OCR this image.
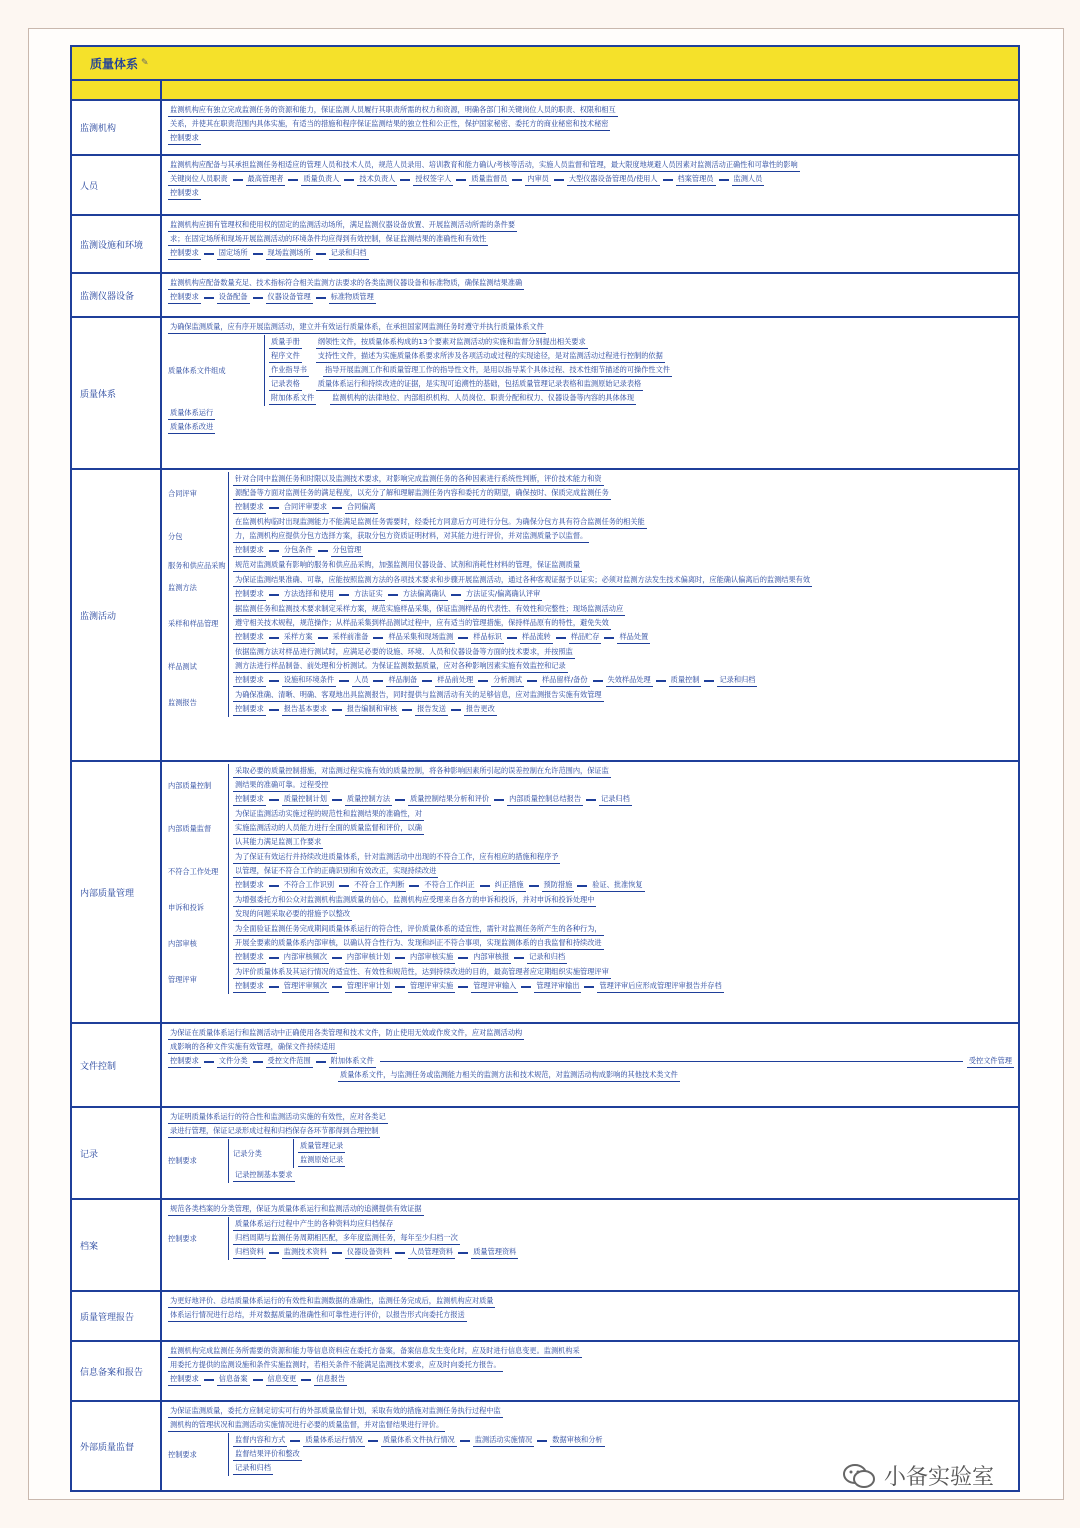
质量体系 ✎
监测机构
监测机构应有独立完成监测任务的资源和能力，保证监测人员履行其职责所需的权力和资源，明确各部门和关键岗位人员的职责、权限和相互
关系，并使其在职责范围内具体实施，有适当的措施和程序保证监测结果的独立性和公正性，保护国家秘密、委托方的商业秘密和技术秘密
控制要求
人员
监测机构应配备与其承担监测任务相适应的管理人员和技术人员，规范人员录用、培训教育和能力确认/考核等活动，实施人员监督和管理，最大限度地规避人员因素对监测活动正确性和可靠性的影响
关键岗位人员职责	最高管理者	质量负责人	技术负责人	授权签字人	质量监督员	内审员	大型仪器设备管理员/使用人	档案管理员	监测人员
控制要求
监测设施和环境
监测机构应拥有管理权和使用权的固定的监测活动场所，满足监测仪器设备放置、开展监测活动所需的条件要
求；在固定场所和现场开展监测活动的环境条件均应得到有效控制，保证监测结果的准确性和有效性
控制要求	固定场所	现场监测场所	记录和归档
监测仪器设备
监测机构应配备数量充足、技术指标符合相关监测方法要求的各类监测仪器设备和标准物质，确保监测结果准确
控制要求	设备配备	仪器设备管理	标准物质管理
质量体系
为确保监测质量，应有序开展监测活动，建立并有效运行质量体系，在承担国家网监测任务时遵守并执行质量体系文件
质量体系文件组成
质量手册	纲领性文件，按质量体系构成的13个要素对监测活动的实施和监督分别提出相关要求
程序文件	支持性文件，描述为实施质量体系要求所涉及各项活动或过程的实现途径，是对监测活动过程进行控制的依据
作业指导书	指导开展监测工作和质量管理工作的指导性文件，是用以指导某个具体过程、技术性细节描述的可操作性文件
记录表格	质量体系运行和持续改进的证据，是实现可追溯性的基础，包括质量管理记录表格和监测原始记录表格
附加体系文件	监测机构的法律地位、内部组织机构、人员岗位、职责分配和权力、仪器设备等内容的具体体现
质量体系运行
质量体系改进
监测活动
合同评审
针对合同中监测任务和时限以及监测技术要求，对影响完成监测任务的各种因素进行系统性判断，评价技术能力和资
源配备等方面对监测任务的满足程度，以充分了解和理解监测任务内容和委托方的期望，确保按时、保质完成监测任务
控制要求	合同评审要求	合同偏离
分包
在监测机构临时出现监测能力不能满足监测任务需要时，经委托方同意后方可进行分包。为确保分包方具有符合监测任务的相关能
力，监测机构应提供分包方选择方案，获取分包方资质证明材料，对其能力进行评价，并对监测质量予以监督。
控制要求	分包条件	分包管理
服务和供应品采购	规范对监测质量有影响的服务和供应品采购，加强监测用仪器设备、试剂和消耗性材料的管理，保证监测质量
监测方法
为保证监测结果准确、可靠，应能按照监测方法的各项技术要求和步骤开展监测活动，通过各种客观证据予以证实；必须对监测方法发生技术偏离时，应能确认偏离后的监测结果有效
控制要求	方法选择和使用	方法证实	方法偏离确认	方法证实/偏离确认评审
采样和样品管理
据监测任务和监测技术要求制定采样方案，规范实施样品采集，保证监测样品的代表性、有效性和完整性；现场监测活动应
遵守相关技术规程，规范操作；从样品采集到样品测试过程中，应有适当的管理措施，保持样品原有的特性，避免失效
控制要求	采样方案	采样前准备	样品采集和现场监测	样品标识	样品流转	样品贮存	样品处置
样品测试
依据监测方法对样品进行测试时，应满足必要的设施、环境、人员和仪器设备等方面的技术要求，并按照监
测方法进行样品制备、前处理和分析测试。为保证监测数据质量，应对各种影响因素实施有效监控和记录
控制要求	设施和环境条件	人员	样品制备	样品前处理	分析测试	样品留样/备份	失效样品处理	质量控制	记录和归档
监测报告
为确保准确、清晰、明确、客观地出具监测报告，同时提供与监测活动有关的足够信息，应对监测报告实施有效管理
控制要求	报告基本要求	报告编制和审核	报告发送	报告更改
内部质量管理
内部质量控制
采取必要的质量控制措施，对监测过程实施有效的质量控制，将各种影响因素所引起的误差控制在允许范围内，保证监
测结果的准确可靠。过程受控
控制要求	质量控制计划	质量控制方法	质量控制结果分析和评价	内部质量控制总结报告	记录归档
内部质量监督
为保证监测活动实施过程的规范性和监测结果的准确性，对
实施监测活动的人员能力进行全面的质量监督和评价，以确
认其能力满足监测工作要求
不符合工作处理
为了保证有效运行并持续改进质量体系，针对监测活动中出现的不符合工作，应有相应的措施和程序予
以管理，保证不符合工作的正确识别和有效改正，实现持续改进
控制要求	不符合工作识别	不符合工作判断	不符合工作纠正	纠正措施	预防措施	验证、批准恢复
申诉和投诉
为增强委托方和公众对监测机构监测质量的信心，监测机构应受理来自各方的申诉和投诉，并对申诉和投诉处理中
发现的问题采取必要的措施予以整改
内部审核
为全面验证监测任务完成期间质量体系运行的符合性，评价质量体系的适宜性，需针对监测任务所产生的各种行为，
开展全要素的质量体系内部审核，以确认符合性行为、发现和纠正不符合事项，实现监测体系的自我监督和持续改进
控制要求	内部审核频次	内部审核计划	内部审核实施	内部审核报	记录和归档
管理评审
为评价质量体系及其运行情况的适宜性、有效性和规范性，达到持续改进的目的，最高管理者应定期组织实施管理评审
控制要求	管理评审频次	管理评审计划	管理评审实施	管理评审输入	管理评审输出	管理评审后应形成管理评审报告并存档
文件控制
为保证在质量体系运行和监测活动中正确使用各类管理和技术文件，防止使用无效或作废文件，应对监测活动构
成影响的各种文件实施有效管理，确保文件持续适用
控制要求	文件分类	受控文件范围	附加体系文件	受控文件管理
质量体系文件，与监测任务或监测能力相关的监测方法和技术规范，对监测活动构成影响的其他技术类文件
记录
为证明质量体系运行的符合性和监测活动实施的有效性，应对各类记
录进行管理，保证记录形成过程和归档保存各环节都得到合理控制
控制要求
记录分类
质量管理记录
监测原始记录
记录控制基本要求
档案
规范各类档案的分类管理，保证为质量体系运行和监测活动的追溯提供有效证据
控制要求
质量体系运行过程中产生的各种资料均应归档保存
归档周期与监测任务周期相匹配，多年度监测任务，每年至少归档一次
归档资料	监测技术资料	仪器设备资料	人员管理资料	质量管理资料
质量管理报告
为更好地评价、总结质量体系运行的有效性和监测数据的准确性，监测任务完成后，监测机构应对质量
体系运行情况进行总结，并对数据质量的准确性和可靠性进行评价，以报告形式向委托方报送
信息备案和报告
监测机构完成监测任务所需要的资源和能力等信息资料应在委托方备案，备案信息发生变化时，应及时进行信息变更。监测机构采
用委托方提供的监测设施和条件实施监测时，若相关条件不能满足监测技术要求，应及时向委托方报告。
控制要求	信息备案	信息变更	信息报告
外部质量监督
为保证监测质量，委托方应制定切实可行的外部质量监督计划，采取有效的措施对监测任务执行过程中监
测机构的管理状况和监测活动实施情况进行必要的质量监督，并对监督结果进行评价。
控制要求
监督内容和方式	质量体系运行情况	质量体系文件执行情况	监测活动实施情况	数据审核和分析
监督结果评价和整改
记录和归档	小备实验室
